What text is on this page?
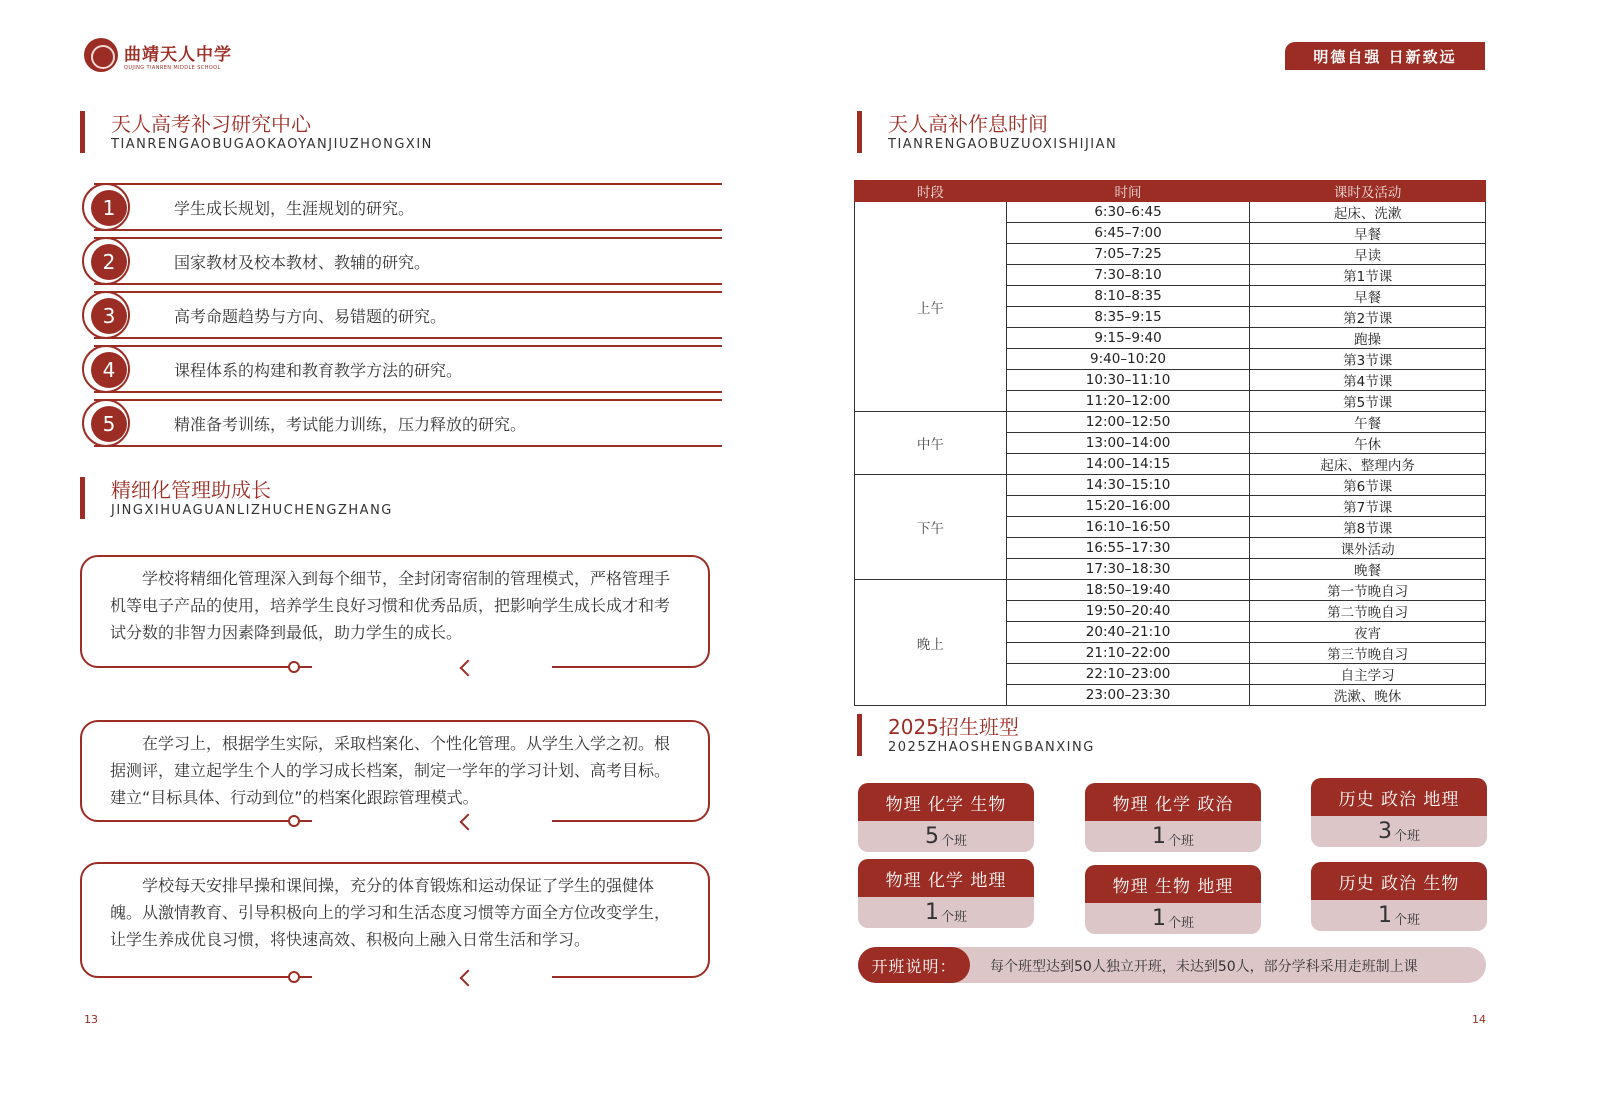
曲靖天人中学
QUJING TIANREN MIDDLE SCHOOL
明德自强 日新致远
天人高考补习研究中心
TIANRENGAOBUGAOKAOYANJIUZHONGXIN
1	学生成长规划，生涯规划的研究。
2	国家教材及校本教材、教辅的研究。
3	高考命题趋势与方向、易错题的研究。
4	课程体系的构建和教育教学方法的研究。
5	精准备考训练，考试能力训练，压力释放的研究。
精细化管理助成长
JINGXIHUAGUANLIZHUCHENGZHANG

学校将精细化管理深入到每个细节，全封闭寄宿制的管理模式，严格管理手机等电子产品的使用，培养学生良好习惯和优秀品质，把影响学生成长成才和考试分数的非智力因素降到最低，助力学生的成长。

在学习上，根据学生实际，采取档案化、个性化管理。从学生入学之初。根据测评，建立起学生个人的学习成长档案，制定一学年的学习计划、高考目标。建立“目标具体、行动到位”的档案化跟踪管理模式。

学校每天安排早操和课间操，充分的体育锻炼和运动保证了学生的强健体魄。从激情教育、引导积极向上的学习和生活态度习惯等方面全方位改变学生，让学生养成优良习惯，将快速高效、积极向上融入日常生活和学习。

13
天人高补作息时间
TIANRENGAOBUZUOXISHIJIAN
时段	时间	课时及活动
上午	6:30–6:45	起床、洗漱
	6:45–7:00	早餐
	7:05–7:25	早读
	7:30–8:10	第1节课
	8:10–8:35	早餐
	8:35–9:15	第2节课
	9:15–9:40	跑操
	9:40–10:20	第3节课
	10:30–11:10	第4节课
	11:20–12:00	第5节课
中午	12:00–12:50	午餐
	13:00–14:00	午休
	14:00–14:15	起床、整理内务
下午	14:30–15:10	第6节课
	15:20–16:00	第7节课
	16:10–16:50	第8节课
	16:55–17:30	课外活动
	17:30–18:30	晚餐
晚上	18:50–19:40	第一节晚自习
	19:50–20:40	第二节晚自习
	20:40–21:10	夜宵
	21:10–22:00	第三节晚自习
	22:10–23:00	自主学习
	23:00–23:30	洗漱、晚休
2025招生班型
2025ZHAOSHENGBANXING
物理 化学 生物
5 个班
物理 化学 政治
1 个班
历史 政治 地理
3 个班
物理 化学 地理
1 个班
物理 生物 地理
1 个班
历史 政治 生物
1 个班
开班说明：	每个班型达到50人独立开班，未达到50人，部分学科采用走班制上课
14
